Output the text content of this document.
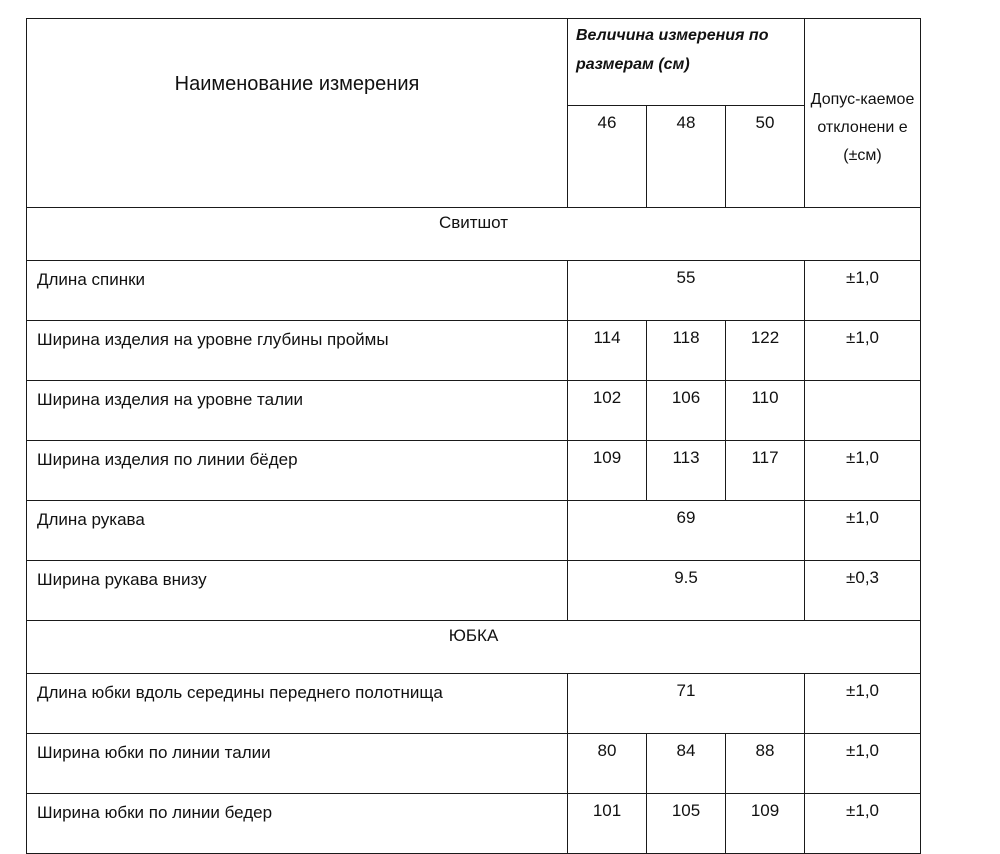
Наименование измерения	Величина измерения по размерам (см)			Допус-каемое отклонени е (±см)
	46	48	50	
Свитшот				
Длина спинки	55			±1,0
Ширина изделия на уровне глубины проймы	114	118	122	±1,0
Ширина изделия на уровне талии	102	106	110	
Ширина изделия по линии бёдер	109	113	117	±1,0
Длина рукава	69			±1,0
Ширина рукава внизу	9.5			±0,3
ЮБКА				
Длина юбки вдоль середины переднего полотнища	71			±1,0
Ширина юбки по линии талии	80	84	88	±1,0
Ширина юбки по линии бедер	101	105	109	±1,0
